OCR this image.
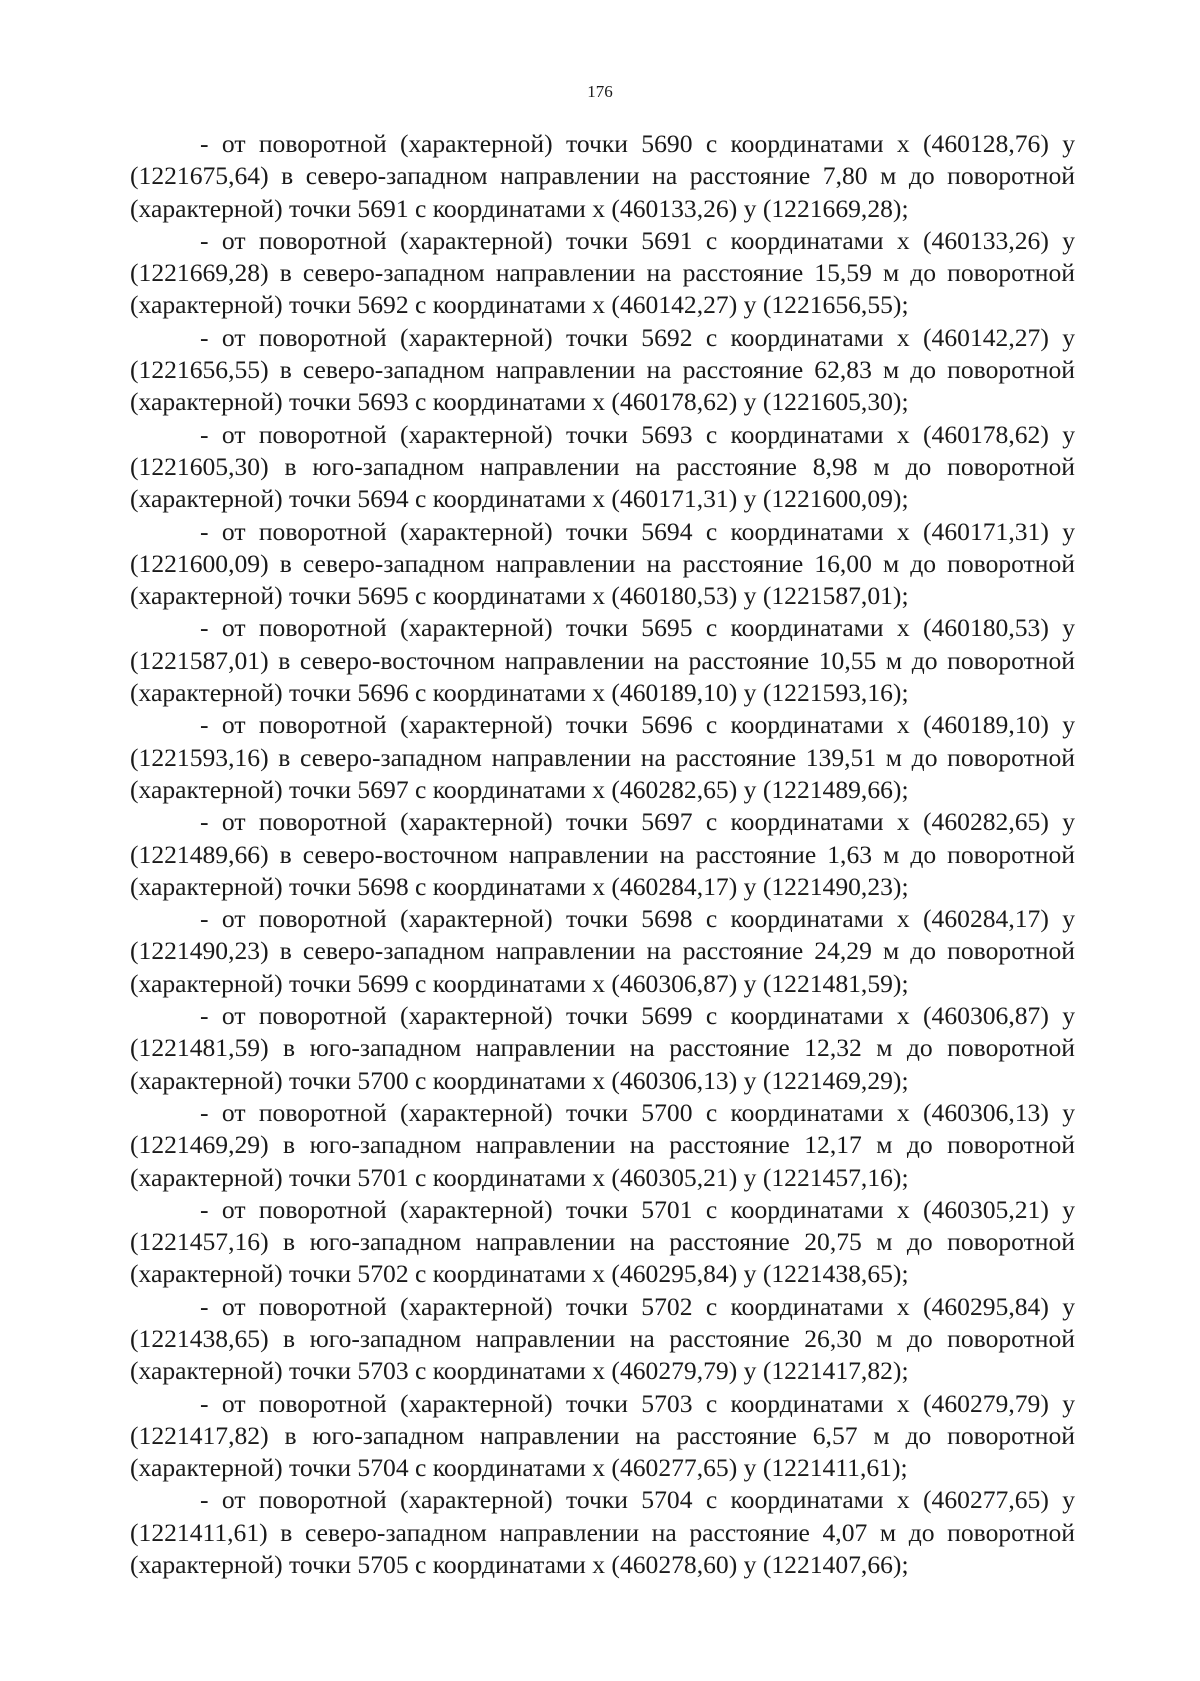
176

- от поворотной (характерной) точки 5690 с координатами х (460128,76) у (1221675,64) в северо-западном направлении на расстояние 7,80 м до поворотной (характерной) точки 5691 с координатами х (460133,26) у (1221669,28);

- от поворотной (характерной) точки 5691 с координатами х (460133,26) у (1221669,28) в северо-западном направлении на расстояние 15,59 м до поворотной (характерной) точки 5692 с координатами х (460142,27) у (1221656,55);

- от поворотной (характерной) точки 5692 с координатами х (460142,27) у (1221656,55) в северо-западном направлении на расстояние 62,83 м до поворотной (характерной) точки 5693 с координатами х (460178,62) у (1221605,30);

- от поворотной (характерной) точки 5693 с координатами х (460178,62) у (1221605,30) в юго-западном направлении на расстояние 8,98 м до поворотной (характерной) точки 5694 с координатами х (460171,31) у (1221600,09);

- от поворотной (характерной) точки 5694 с координатами х (460171,31) у (1221600,09) в северо-западном направлении на расстояние 16,00 м до поворотной (характерной) точки 5695 с координатами х (460180,53) у (1221587,01);

- от поворотной (характерной) точки 5695 с координатами х (460180,53) у (1221587,01) в северо-восточном направлении на расстояние 10,55 м до поворотной (характерной) точки 5696 с координатами х (460189,10) у (1221593,16);

- от поворотной (характерной) точки 5696 с координатами х (460189,10) у (1221593,16) в северо-западном направлении на расстояние 139,51 м до поворотной (характерной) точки 5697 с координатами х (460282,65) у (1221489,66);

- от поворотной (характерной) точки 5697 с координатами х (460282,65) у (1221489,66) в северо-восточном направлении на расстояние 1,63 м до поворотной (характерной) точки 5698 с координатами х (460284,17) у (1221490,23);

- от поворотной (характерной) точки 5698 с координатами х (460284,17) у (1221490,23) в северо-западном направлении на расстояние 24,29 м до поворотной (характерной) точки 5699 с координатами х (460306,87) у (1221481,59);

- от поворотной (характерной) точки 5699 с координатами х (460306,87) у (1221481,59) в юго-западном направлении на расстояние 12,32 м до поворотной (характерной) точки 5700 с координатами х (460306,13) у (1221469,29);

- от поворотной (характерной) точки 5700 с координатами х (460306,13) у (1221469,29) в юго-западном направлении на расстояние 12,17 м до поворотной (характерной) точки 5701 с координатами х (460305,21) у (1221457,16);

- от поворотной (характерной) точки 5701 с координатами х (460305,21) у (1221457,16) в юго-западном направлении на расстояние 20,75 м до поворотной (характерной) точки 5702 с координатами х (460295,84) у (1221438,65);

- от поворотной (характерной) точки 5702 с координатами х (460295,84) у (1221438,65) в юго-западном направлении на расстояние 26,30 м до поворотной (характерной) точки 5703 с координатами х (460279,79) у (1221417,82);

- от поворотной (характерной) точки 5703 с координатами х (460279,79) у (1221417,82) в юго-западном направлении на расстояние 6,57 м до поворотной (характерной) точки 5704 с координатами х (460277,65) у (1221411,61);

- от поворотной (характерной) точки 5704 с координатами х (460277,65) у (1221411,61) в северо-западном направлении на расстояние 4,07 м до поворотной (характерной) точки 5705 с координатами х (460278,60) у (1221407,66);
